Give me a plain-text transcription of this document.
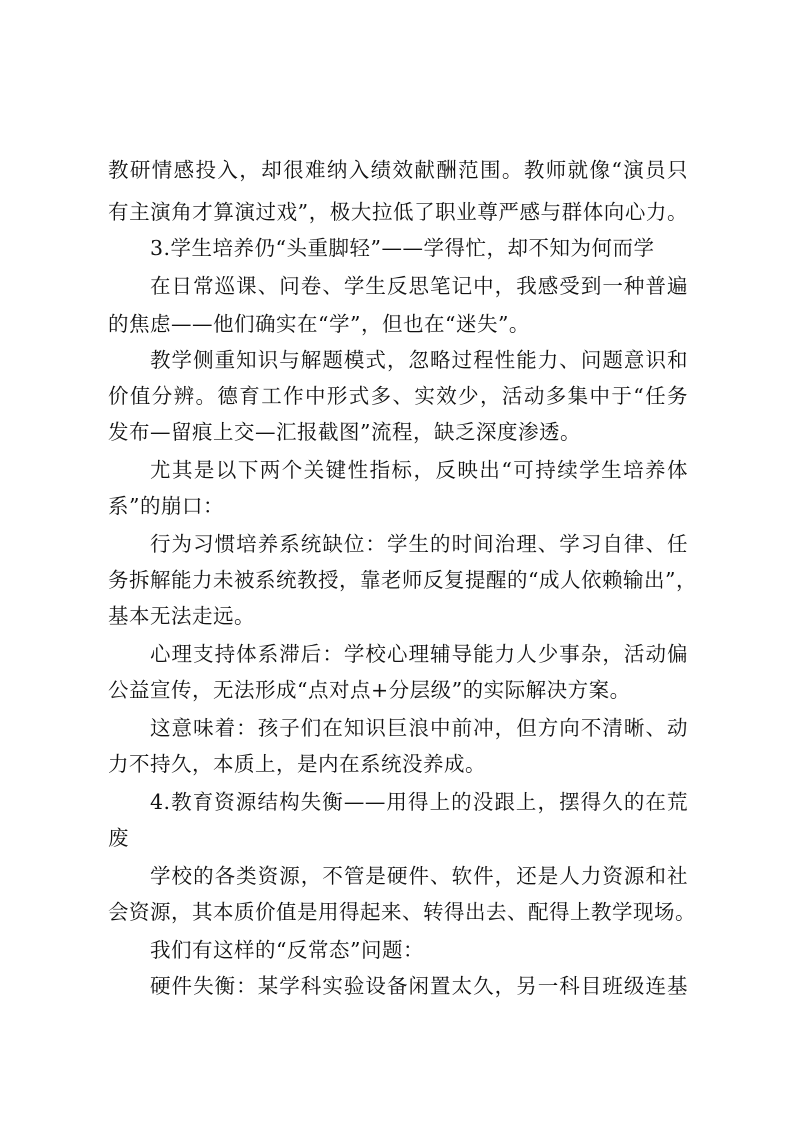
教研情感投入，却很难纳入绩效献酬范围。教师就像“演员只
有主演角才算演过戏”，极大拉低了职业尊严感与群体向心力。
3.学生培养仍“头重脚轻”——学得忙，却不知为何而学
在日常巡课、问卷、学生反思笔记中，我感受到一种普遍
的焦虑——他们确实在“学”，但也在“迷失”。
教学侧重知识与解题模式，忽略过程性能力、问题意识和
价值分辨。德育工作中形式多、实效少，活动多集中于“任务
发布—留痕上交—汇报截图”流程，缺乏深度渗透。
尤其是以下两个关键性指标，反映出“可持续学生培养体
系”的崩口：
行为习惯培养系统缺位：学生的时间治理、学习自律、任
务拆解能力未被系统教授，靠老师反复提醒的“成人依赖输出”，
基本无法走远。
心理支持体系滞后：学校心理辅导能力人少事杂，活动偏
公益宣传，无法形成“点对点+分层级”的实际解决方案。
这意味着：孩子们在知识巨浪中前冲，但方向不清晰、动
力不持久，本质上，是内在系统没养成。
4.教育资源结构失衡——用得上的没跟上，摆得久的在荒
废
学校的各类资源，不管是硬件、软件，还是人力资源和社
会资源，其本质价值是用得起来、转得出去、配得上教学现场。
我们有这样的“反常态”问题：
硬件失衡：某学科实验设备闲置太久，另一科目班级连基
